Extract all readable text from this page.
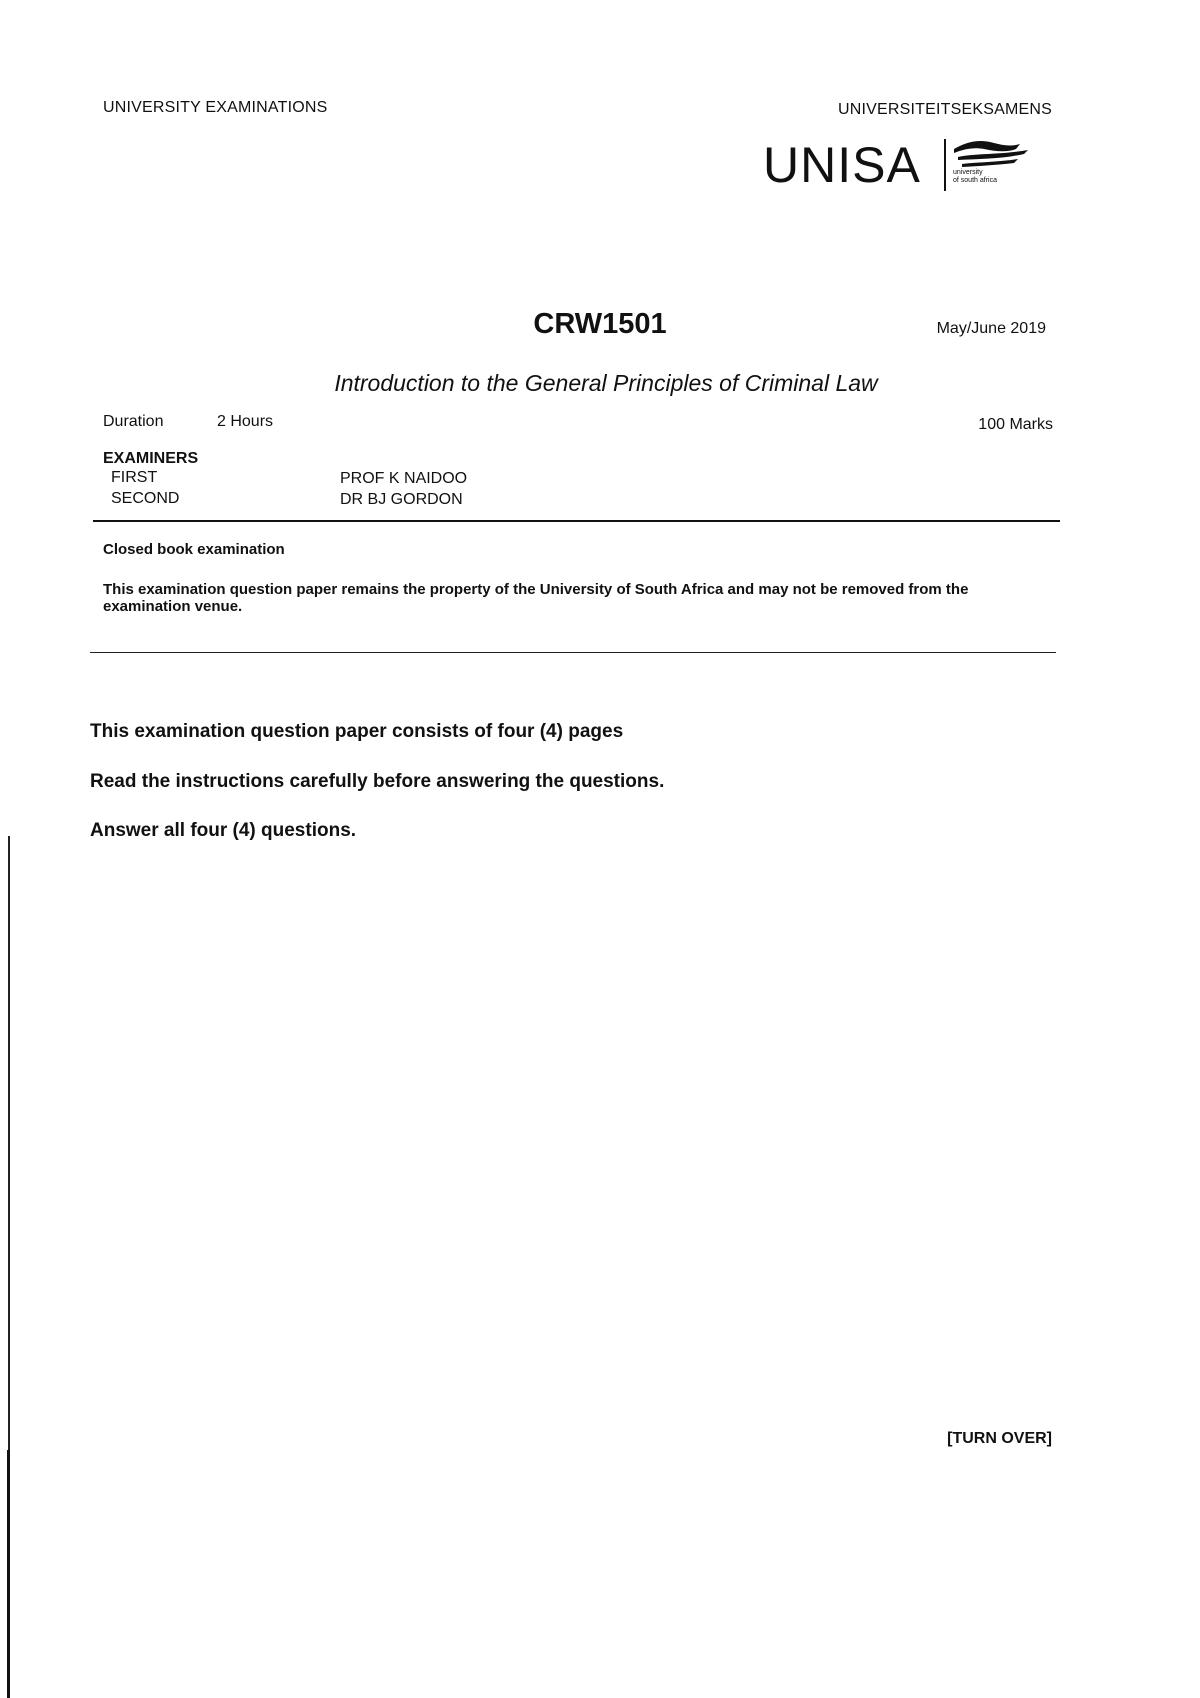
UNIVERSITY EXAMINATIONS	UNIVERSITEITSEKSAMENS
UNISA	university
of south africa
CRW1501	May/June 2019
Introduction to the General Principles of Criminal Law
Duration	2 Hours	100 Marks
EXAMINERS
FIRST	PROF K NAIDOO
SECOND	DR BJ GORDON
Closed book examination
This examination question paper remains the property of the University of South Africa and may not be removed from the examination venue.
This examination question paper consists of four (4) pages
Read the instructions carefully before answering the questions.
Answer all four (4) questions.
[TURN OVER]
